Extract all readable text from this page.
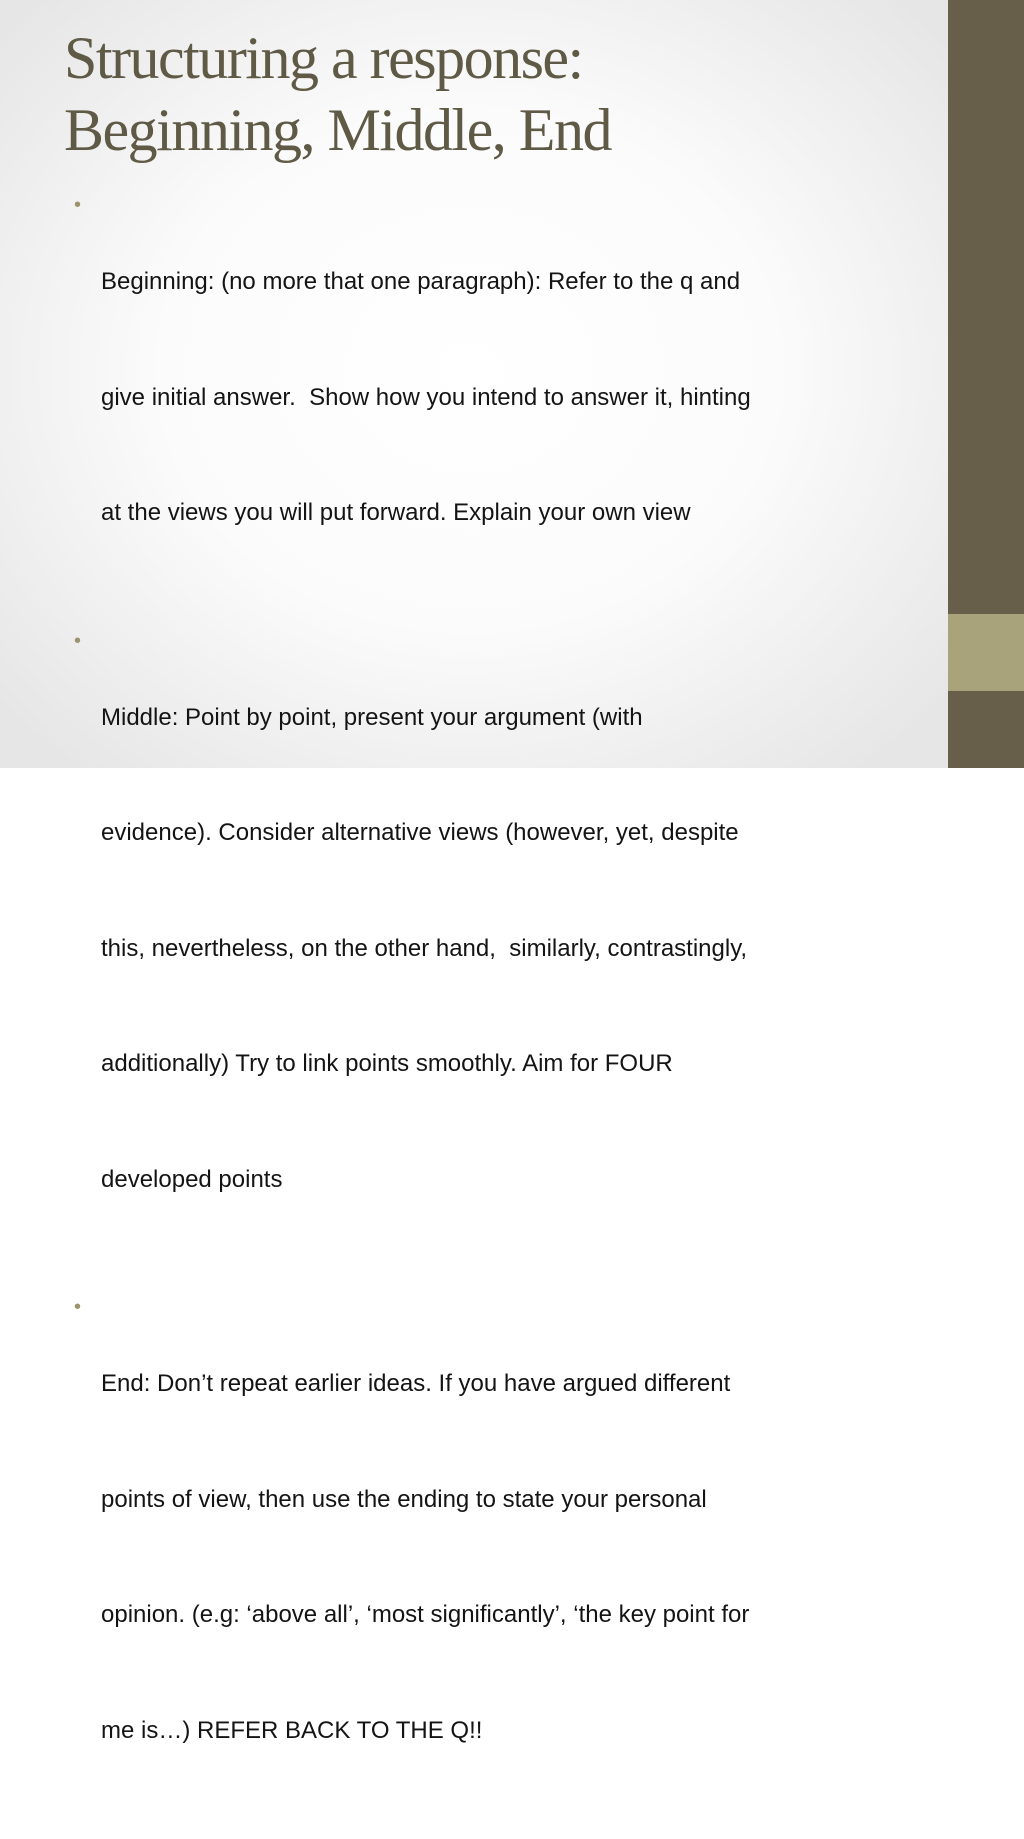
Structuring a response:
Beginning, Middle, End
•

Beginning: (no more that one paragraph): Refer to the q and

give initial answer.  Show how you intend to answer it, hinting

at the views you will put forward. Explain your own view

•

Middle: Point by point, present your argument (with

evidence). Consider alternative views (however, yet, despite

this, nevertheless, on the other hand,  similarly, contrastingly,

additionally) Try to link points smoothly. Aim for FOUR

developed points

•

End: Don’t repeat earlier ideas. If you have argued different

points of view, then use the ending to state your personal

opinion. (e.g: ‘above all’, ‘most significantly’, ‘the key point for

me is…) REFER BACK TO THE Q!!
